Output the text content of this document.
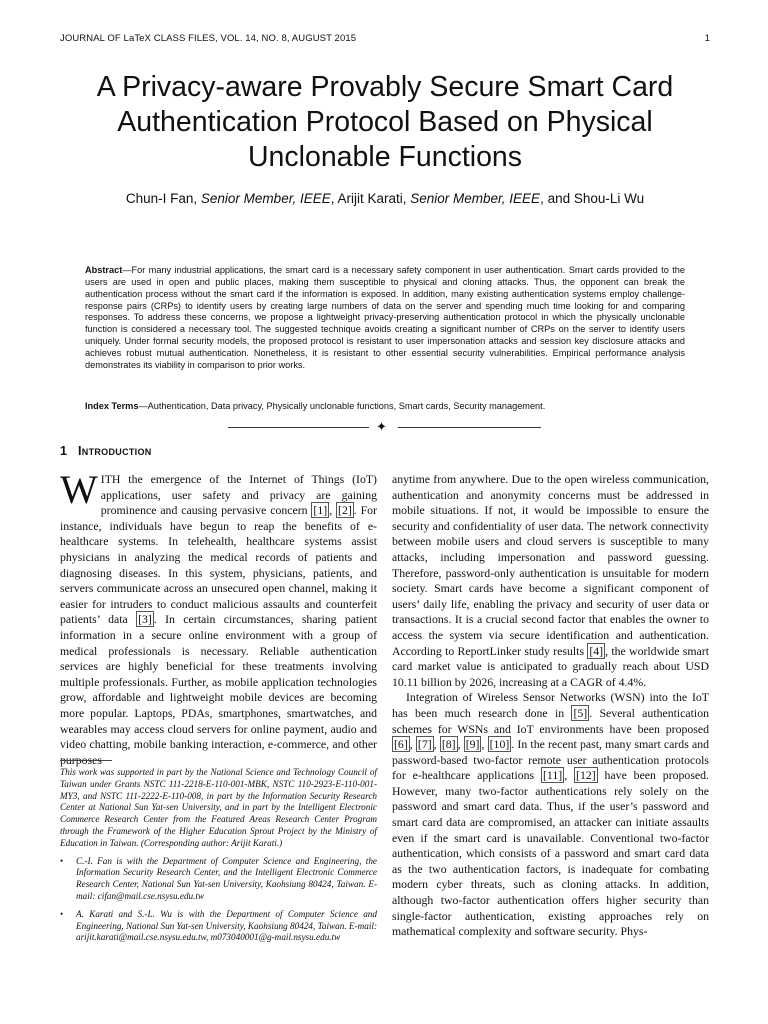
JOURNAL OF LaTeX CLASS FILES, VOL. 14, NO. 8, AUGUST 2015	1
A Privacy-aware Provably Secure Smart Card
Authentication Protocol Based on Physical
Unclonable Functions
Chun-I Fan, Senior Member, IEEE, Arijit Karati, Senior Member, IEEE, and Shou-Li Wu

Abstract—For many industrial applications, the smart card is a necessary safety component in user authentication. Smart cards provided to the users are used in open and public places, making them susceptible to physical and cloning attacks. Thus, the opponent can break the authentication process without the smart card if the information is exposed. In addition, many existing authentication systems employ challenge-response pairs (CRPs) to identify users by creating large numbers of data on the server and spending much time looking for and comparing responses. To address these concerns, we propose a lightweight privacy-preserving authentication protocol in which the physically unclonable function is considered a necessary tool. The suggested technique avoids creating a significant number of CRPs on the server to identify users uniquely. Under formal security models, the proposed protocol is resistant to user impersonation attacks and session key disclosure attacks and achieves robust mutual authentication. Nonetheless, it is resistant to other essential security vulnerabilities. Empirical performance analysis demonstrates its viability in comparison to prior works.

Index Terms—Authentication, Data privacy, Physically unclonable functions, Smart cards, Security management.

✦
1 Introduction

WITH the emergence of the Internet of Things (IoT) applications, user safety and privacy are gaining prominence and causing pervasive concern [1] , [2] . For instance, individuals have begun to reap the benefits of e-healthcare systems. In telehealth, healthcare systems assist physicians in analyzing the medical records of patients and diagnosing diseases. In this system, physicians, patients, and servers communicate across an unsecured open channel, making it easier for intruders to conduct malicious assaults and counterfeit patients’ data [3] . In certain circumstances, sharing patient information in a secure online environment with a group of medical professionals is necessary. Reliable authentication services are highly beneficial for these treatments involving multiple professionals. Further, as mobile application technologies grow, affordable and lightweight mobile devices are becoming more popular. Laptops, PDAs, smartphones, smartwatches, and wearables may access cloud servers for online payment, audio and video chatting, mobile banking interaction, e-commerce, and other purposes

This work was supported in part by the National Science and Technology Council of Taiwan under Grants NSTC 111-2218-E-110-001-MBK, NSTC 110-2923-E-110-001-MY3, and NSTC 111-2222-E-110-008, in part by the Information Security Research Center at National Sun Yat-sen University, and in part by the Intelligent Electronic Commerce Research Center from the Featured Areas Research Center Program through the Framework of the Higher Education Sprout Project by the Ministry of Education in Taiwan. (Corresponding author: Arijit Karati.)

• C.-I. Fan is with the Department of Computer Science and Engineering, the Information Security Research Center, and the Intelligent Electronic Commerce Research Center, National Sun Yat-sen University, Kaohsiung 80424, Taiwan. E-mail: cifan@mail.cse.nsysu.edu.tw
• A. Karati and S.-L. Wu is with the Department of Computer Science and Engineering, National Sun Yat-sen University, Kaohsiung 80424, Taiwan. E-mail: arijit.karati@mail.cse.nsysu.edu.tw, m073040001@g-mail.nsysu.edu.tw

anytime from anywhere. Due to the open wireless communication, authentication and anonymity concerns must be addressed in mobile situations. If not, it would be impossible to ensure the security and confidentiality of user data. The network connectivity between mobile users and cloud servers is susceptible to many attacks, including impersonation and password guessing. Therefore, password-only authentication is unsuitable for modern society. Smart cards have become a significant component of users’ daily life, enabling the privacy and security of user data or transactions. It is a crucial second factor that enables the owner to access the system via secure identification and authentication. According to ReportLinker study results [4] , the worldwide smart card market value is anticipated to gradually reach about USD 10.11 billion by 2026, increasing at a CAGR of 4.4%.

Integration of Wireless Sensor Networks (WSN) into the IoT has been much research done in [5] . Several authentication schemes for WSNs and IoT environments have been proposed [6] , [7] , [8] , [9] , [10] . In the recent past, many smart cards and password-based two-factor remote user authentication protocols for e-healthcare applications [11] , [12] have been proposed. However, many two-factor authentications rely solely on the password and smart card data. Thus, if the user’s password and smart card data are compromised, an attacker can initiate assaults even if the smart card is unavailable. Conventional two-factor authentication, which consists of a password and smart card data as the two authentication factors, is inadequate for combating modern cyber threats, such as cloning attacks. In addition, although two-factor authentication offers higher security than single-factor authentication, existing approaches rely on mathematical complexity and software security. Phys-
